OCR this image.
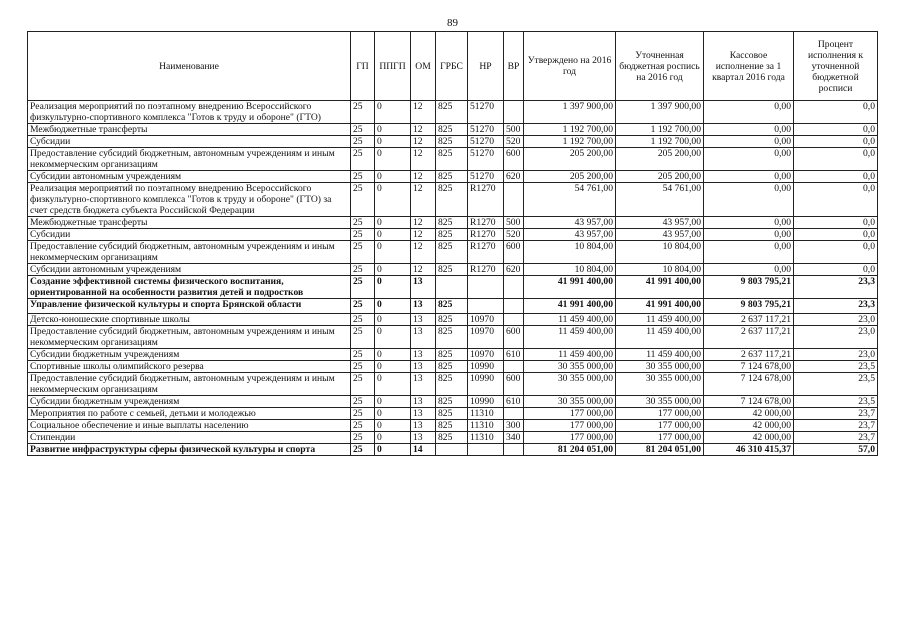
89
Наименование	ГП	ППГП	ОМ	ГРБС	НР	ВР	Утверждено на 2016 год	Уточненная бюджетная роспись на 2016 год	Кассовое исполнение за 1 квартал 2016 года	Процент исполнения к уточненной бюджетной росписи
Реализация мероприятий по поэтапному внедрению Всероссийского физкультурно-спортивного комплекса "Готов к труду и обороне" (ГТО)	25	0	12	825	51270		1 397 900,00	1 397 900,00	0,00	0,0
Межбюджетные трансферты	25	0	12	825	51270	500	1 192 700,00	1 192 700,00	0,00	0,0
Субсидии	25	0	12	825	51270	520	1 192 700,00	1 192 700,00	0,00	0,0
Предоставление субсидий бюджетным, автономным учреждениям и иным некоммерческим организациям	25	0	12	825	51270	600	205 200,00	205 200,00	0,00	0,0
Субсидии автономным учреждениям	25	0	12	825	51270	620	205 200,00	205 200,00	0,00	0,0
Реализация мероприятий по поэтапному внедрению Всероссийского физкультурно-спортивного комплекса "Готов к труду и обороне" (ГТО) за счет средств бюджета субъекта Российской Федерации	25	0	12	825	R1270		54 761,00	54 761,00	0,00	0,0
Межбюджетные трансферты	25	0	12	825	R1270	500	43 957,00	43 957,00	0,00	0,0
Субсидии	25	0	12	825	R1270	520	43 957,00	43 957,00	0,00	0,0
Предоставление субсидий бюджетным, автономным учреждениям и иным некоммерческим организациям	25	0	12	825	R1270	600	10 804,00	10 804,00	0,00	0,0
Субсидии автономным учреждениям	25	0	12	825	R1270	620	10 804,00	10 804,00	0,00	0,0
Создание эффективной системы физического воспитания, ориентированной на особенности развития детей и подростков	25	0	13				41 991 400,00	41 991 400,00	9 803 795,21	23,3
Управление физической культуры и спорта Брянской области	25	0	13	825			41 991 400,00	41 991 400,00	9 803 795,21	23,3
Детско-юношеские спортивные школы	25	0	13	825	10970		11 459 400,00	11 459 400,00	2 637 117,21	23,0
Предоставление субсидий бюджетным, автономным учреждениям и иным некоммерческим организациям	25	0	13	825	10970	600	11 459 400,00	11 459 400,00	2 637 117,21	23,0
Субсидии бюджетным учреждениям	25	0	13	825	10970	610	11 459 400,00	11 459 400,00	2 637 117,21	23,0
Спортивные школы олимпийского резерва	25	0	13	825	10990		30 355 000,00	30 355 000,00	7 124 678,00	23,5
Предоставление субсидий бюджетным, автономным учреждениям и иным некоммерческим организациям	25	0	13	825	10990	600	30 355 000,00	30 355 000,00	7 124 678,00	23,5
Субсидии бюджетным учреждениям	25	0	13	825	10990	610	30 355 000,00	30 355 000,00	7 124 678,00	23,5
Мероприятия по работе с семьей, детьми и молодежью	25	0	13	825	11310		177 000,00	177 000,00	42 000,00	23,7
Социальное обеспечение и иные выплаты населению	25	0	13	825	11310	300	177 000,00	177 000,00	42 000,00	23,7
Стипендии	25	0	13	825	11310	340	177 000,00	177 000,00	42 000,00	23,7
Развитие инфраструктуры сферы физической культуры и спорта	25	0	14				81 204 051,00	81 204 051,00	46 310 415,37	57,0
